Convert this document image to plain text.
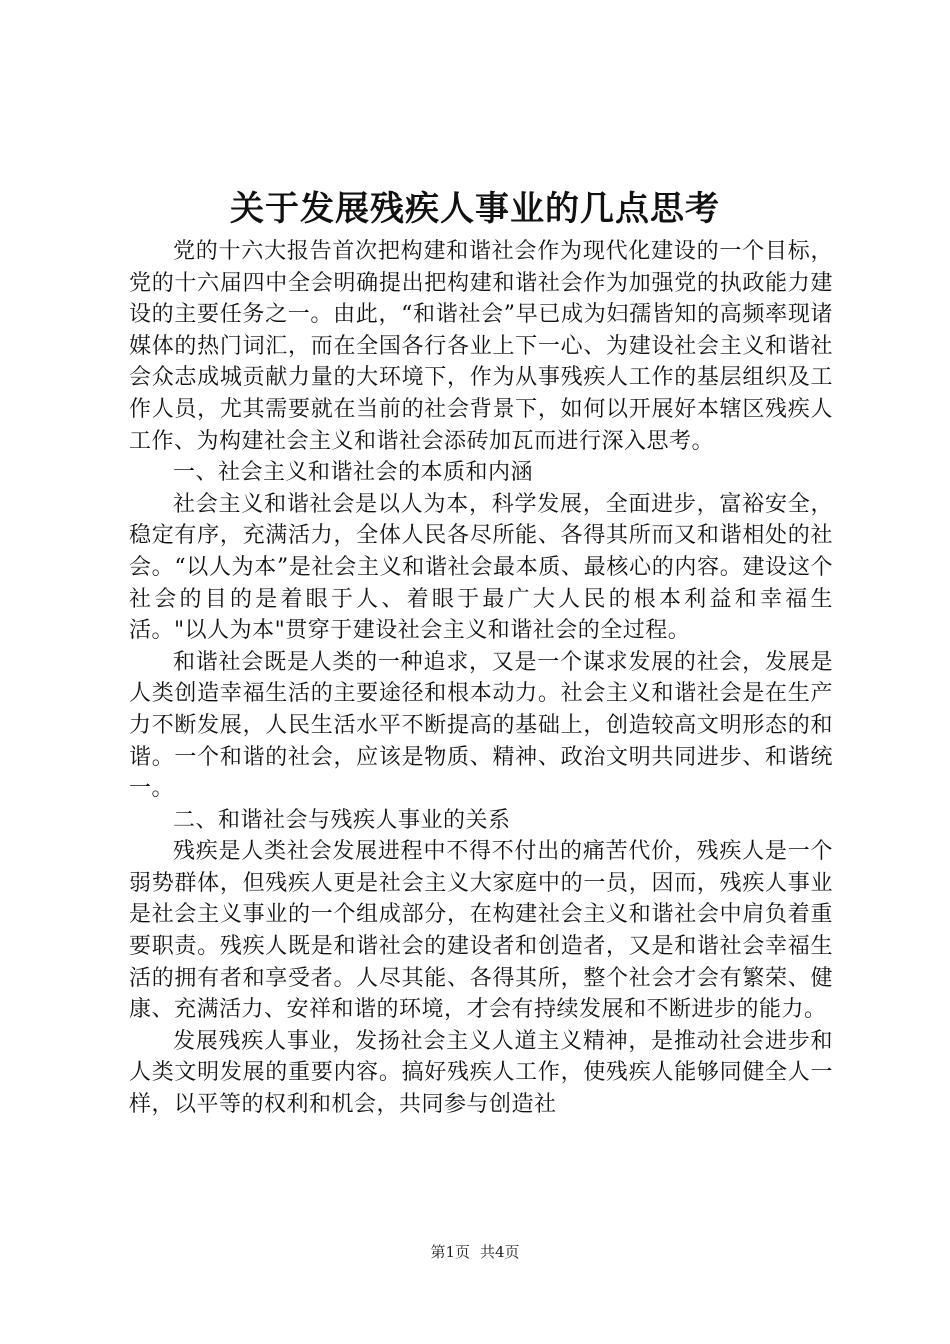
关于发展残疾人事业的几点思考

党的十六大报告首次把构建和谐社会作为现代化建设的一个目标，党的十六届四中全会明确提出把构建和谐社会作为加强党的执政能力建设的主要任务之一。由此，“和谐社会”早已成为妇孺皆知的高频率现诸媒体的热门词汇，而在全国各行各业上下一心、为建设社会主义和谐社会众志成城贡献力量的大环境下，作为从事残疾人工作的基层组织及工作人员，尤其需要就在当前的社会背景下，如何以开展好本辖区残疾人工作、为构建社会主义和谐社会添砖加瓦而进行深入思考。

一、社会主义和谐社会的本质和内涵

社会主义和谐社会是以人为本，科学发展，全面进步，富裕安全，稳定有序，充满活力，全体人民各尽所能、各得其所而又和谐相处的社会。“以人为本”是社会主义和谐社会最本质、最核心的内容。建设这个社会的目的是着眼于人、着眼于最广大人民的根本利益和幸福生活。"以人为本"贯穿于建设社会主义和谐社会的全过程。

和谐社会既是人类的一种追求，又是一个谋求发展的社会，发展是人类创造幸福生活的主要途径和根本动力。社会主义和谐社会是在生产力不断发展，人民生活水平不断提高的基础上，创造较高文明形态的和谐。一个和谐的社会，应该是物质、精神、政治文明共同进步、和谐统一。

二、和谐社会与残疾人事业的关系

残疾是人类社会发展进程中不得不付出的痛苦代价，残疾人是一个弱势群体，但残疾人更是社会主义大家庭中的一员，因而，残疾人事业是社会主义事业的一个组成部分，在构建社会主义和谐社会中肩负着重要职责。残疾人既是和谐社会的建设者和创造者，又是和谐社会幸福生活的拥有者和享受者。人尽其能、各得其所，整个社会才会有繁荣、健康、充满活力、安祥和谐的环境，才会有持续发展和不断进步的能力。

发展残疾人事业，发扬社会主义人道主义精神，是推动社会进步和人类文明发展的重要内容。搞好残疾人工作，使残疾人能够同健全人一样，以平等的权利和机会，共同参与创造社

第1页 共4页
